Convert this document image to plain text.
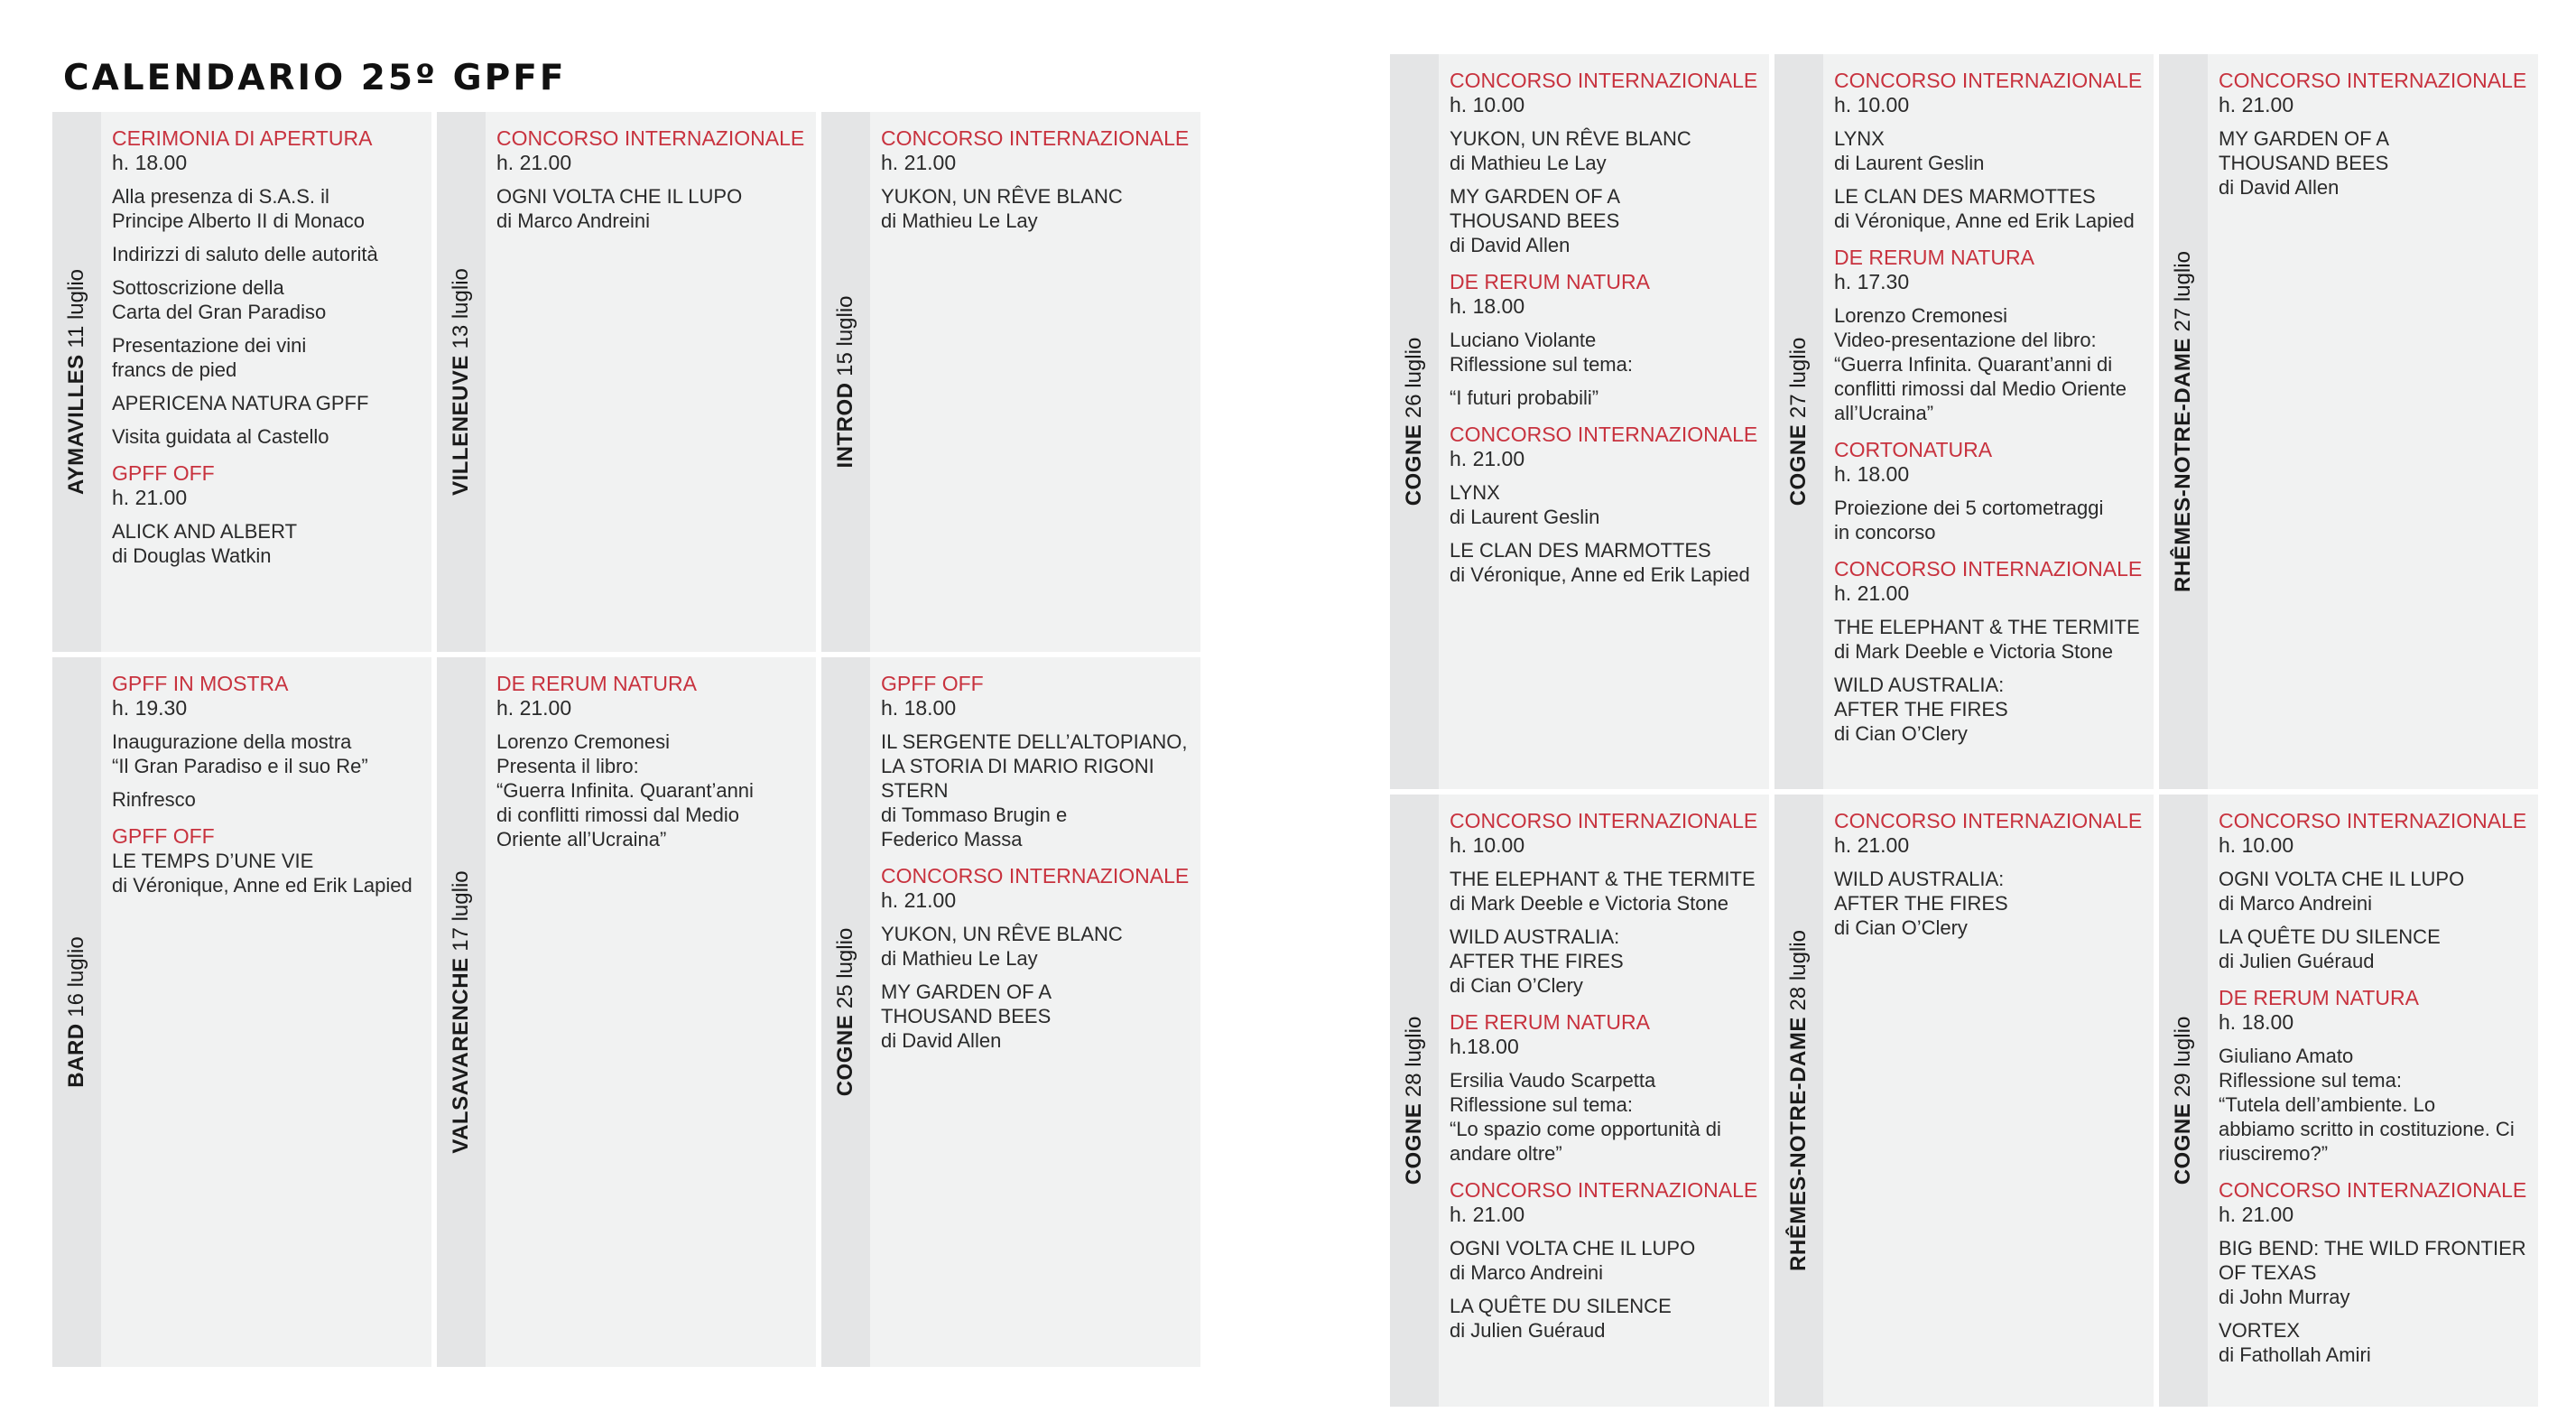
CALENDARIO 25º GPFF
AYMAVILLES 11 luglio
CERIMONIA DI APERTURA
h. 18.00
Alla presenza di S.A.S. il
Principe Alberto II di Monaco
Indirizzi di saluto delle autorità
Sottoscrizione della
Carta del Gran Paradiso
Presentazione dei vini
francs de pied
APERICENA NATURA GPFF
Visita guidata al Castello
GPFF OFF
h. 21.00
ALICK AND ALBERT
di Douglas Watkin
VILLENEUVE 13 luglio
CONCORSO INTERNAZIONALE
h. 21.00
OGNI VOLTA CHE IL LUPO
di Marco Andreini
INTROD 15 luglio
CONCORSO INTERNAZIONALE
h. 21.00
YUKON, UN RÊVE BLANC
di Mathieu Le Lay
BARD 16 luglio
GPFF IN MOSTRA
h. 19.30
Inaugurazione della mostra
“Il Gran Paradiso e il suo Re”
Rinfresco
GPFF OFF
LE TEMPS D’UNE VIE
di Véronique, Anne ed Erik Lapied
VALSAVARENCHE 17 luglio
DE RERUM NATURA
h. 21.00
Lorenzo Cremonesi
Presenta il libro:
“Guerra Infinita. Quarant’anni
di conflitti rimossi dal Medio
Oriente all’Ucraina”
COGNE 25 luglio
GPFF OFF
h. 18.00
IL SERGENTE DELL’ALTOPIANO,
LA STORIA DI MARIO RIGONI
STERN
di Tommaso Brugin e
Federico Massa
CONCORSO INTERNAZIONALE
h. 21.00
YUKON, UN RÊVE BLANC
di Mathieu Le Lay
MY GARDEN OF A
THOUSAND BEES
di David Allen
COGNE 26 luglio
CONCORSO INTERNAZIONALE
h. 10.00
YUKON, UN RÊVE BLANC
di Mathieu Le Lay
MY GARDEN OF A
THOUSAND BEES
di David Allen
DE RERUM NATURA
h. 18.00
Luciano Violante
Riflessione sul tema:
“I futuri probabili”
CONCORSO INTERNAZIONALE
h. 21.00
LYNX
di Laurent Geslin
LE CLAN DES MARMOTTES
di Véronique, Anne ed Erik Lapied
COGNE 27 luglio
CONCORSO INTERNAZIONALE
h. 10.00
LYNX
di Laurent Geslin
LE CLAN DES MARMOTTES
di Véronique, Anne ed Erik Lapied
DE RERUM NATURA
h. 17.30
Lorenzo Cremonesi
Video-presentazione del libro:
“Guerra Infinita. Quarant’anni di
conflitti rimossi dal Medio Oriente
all’Ucraina”
CORTONATURA
h. 18.00
Proiezione dei 5 cortometraggi
in concorso
CONCORSO INTERNAZIONALE
h. 21.00
THE ELEPHANT & THE TERMITE
di Mark Deeble e Victoria Stone
WILD AUSTRALIA:
AFTER THE FIRES
di Cian O’Clery
RHÊMES-NOTRE-DAME 27 luglio
CONCORSO INTERNAZIONALE
h. 21.00
MY GARDEN OF A
THOUSAND BEES
di David Allen
COGNE 28 luglio
CONCORSO INTERNAZIONALE
h. 10.00
THE ELEPHANT & THE TERMITE
di Mark Deeble e Victoria Stone
WILD AUSTRALIA:
AFTER THE FIRES
di Cian O’Clery
DE RERUM NATURA
h.18.00
Ersilia Vaudo Scarpetta
Riflessione sul tema:
“Lo spazio come opportunità di
andare oltre”
CONCORSO INTERNAZIONALE
h. 21.00
OGNI VOLTA CHE IL LUPO
di Marco Andreini
LA QUÊTE DU SILENCE
di Julien Guéraud
RHÊMES-NOTRE-DAME 28 luglio
CONCORSO INTERNAZIONALE
h. 21.00
WILD AUSTRALIA:
AFTER THE FIRES
di Cian O’Clery
COGNE 29 luglio
CONCORSO INTERNAZIONALE
h. 10.00
OGNI VOLTA CHE IL LUPO
di Marco Andreini
LA QUÊTE DU SILENCE
di Julien Guéraud
DE RERUM NATURA
h. 18.00
Giuliano Amato
Riflessione sul tema:
“Tutela dell’ambiente. Lo
abbiamo scritto in costituzione. Ci
riusciremo?”
CONCORSO INTERNAZIONALE
h. 21.00
BIG BEND: THE WILD FRONTIER
OF TEXAS
di John Murray
VORTEX
di Fathollah Amiri
